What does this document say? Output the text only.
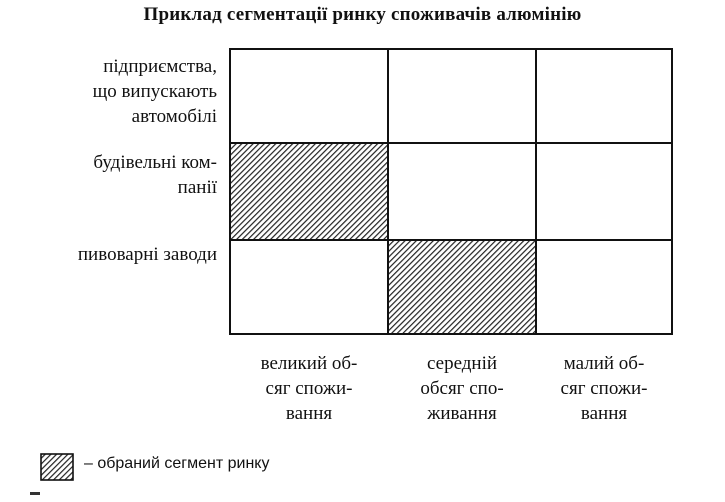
Приклад сегментації ринку споживачів алюмінію
підприємства,
що випускають
автомобілі
будівельні ком-
панії
пивоварні заводи
великий об-
сяг спожи-
вання
середній
обсяг спо-
живання
малий об-
сяг спожи-
вання
– обраний сегмент ринку
